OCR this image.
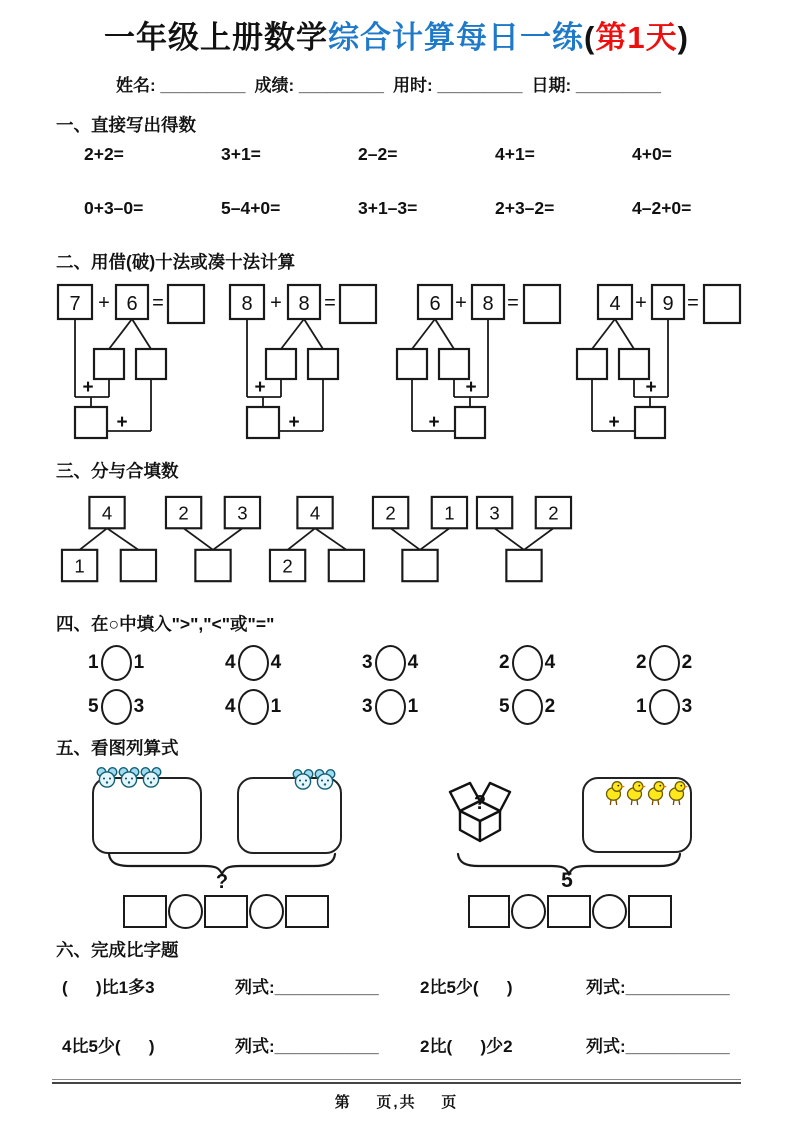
一年级上册数学综合计算每日一练(第1天)
姓名: _________ 成绩: _________ 用时: _________ 日期: _________
一、直接写出得数
2+2=	3+1=	2–2=	4+1=	4+0=
0+3–0=	5–4+0=	3+1–3=	2+3–2=	4–2+0=
二、用借(破)十法或凑十法计算
7 + 6 =
+
+
8 + 8 =
+
+
6 + 8 =
+
+
4 + 9 =
+
+
三、分与合填数
4
1
2	3	4
2
2	1 3	2
四、在○中填入">","<"或"="
1 1	4 4	3 4	2 4	2 2
5 3	4 1	3 1	5 2	1 3
五、看图列算式
?
?
5
六、完成比字题
(      )比1多3	列式:___________	2比5少(      )	列式:___________
4比5少(      )	列式:___________	2比(      )少2	列式:___________
第    页,共    页
